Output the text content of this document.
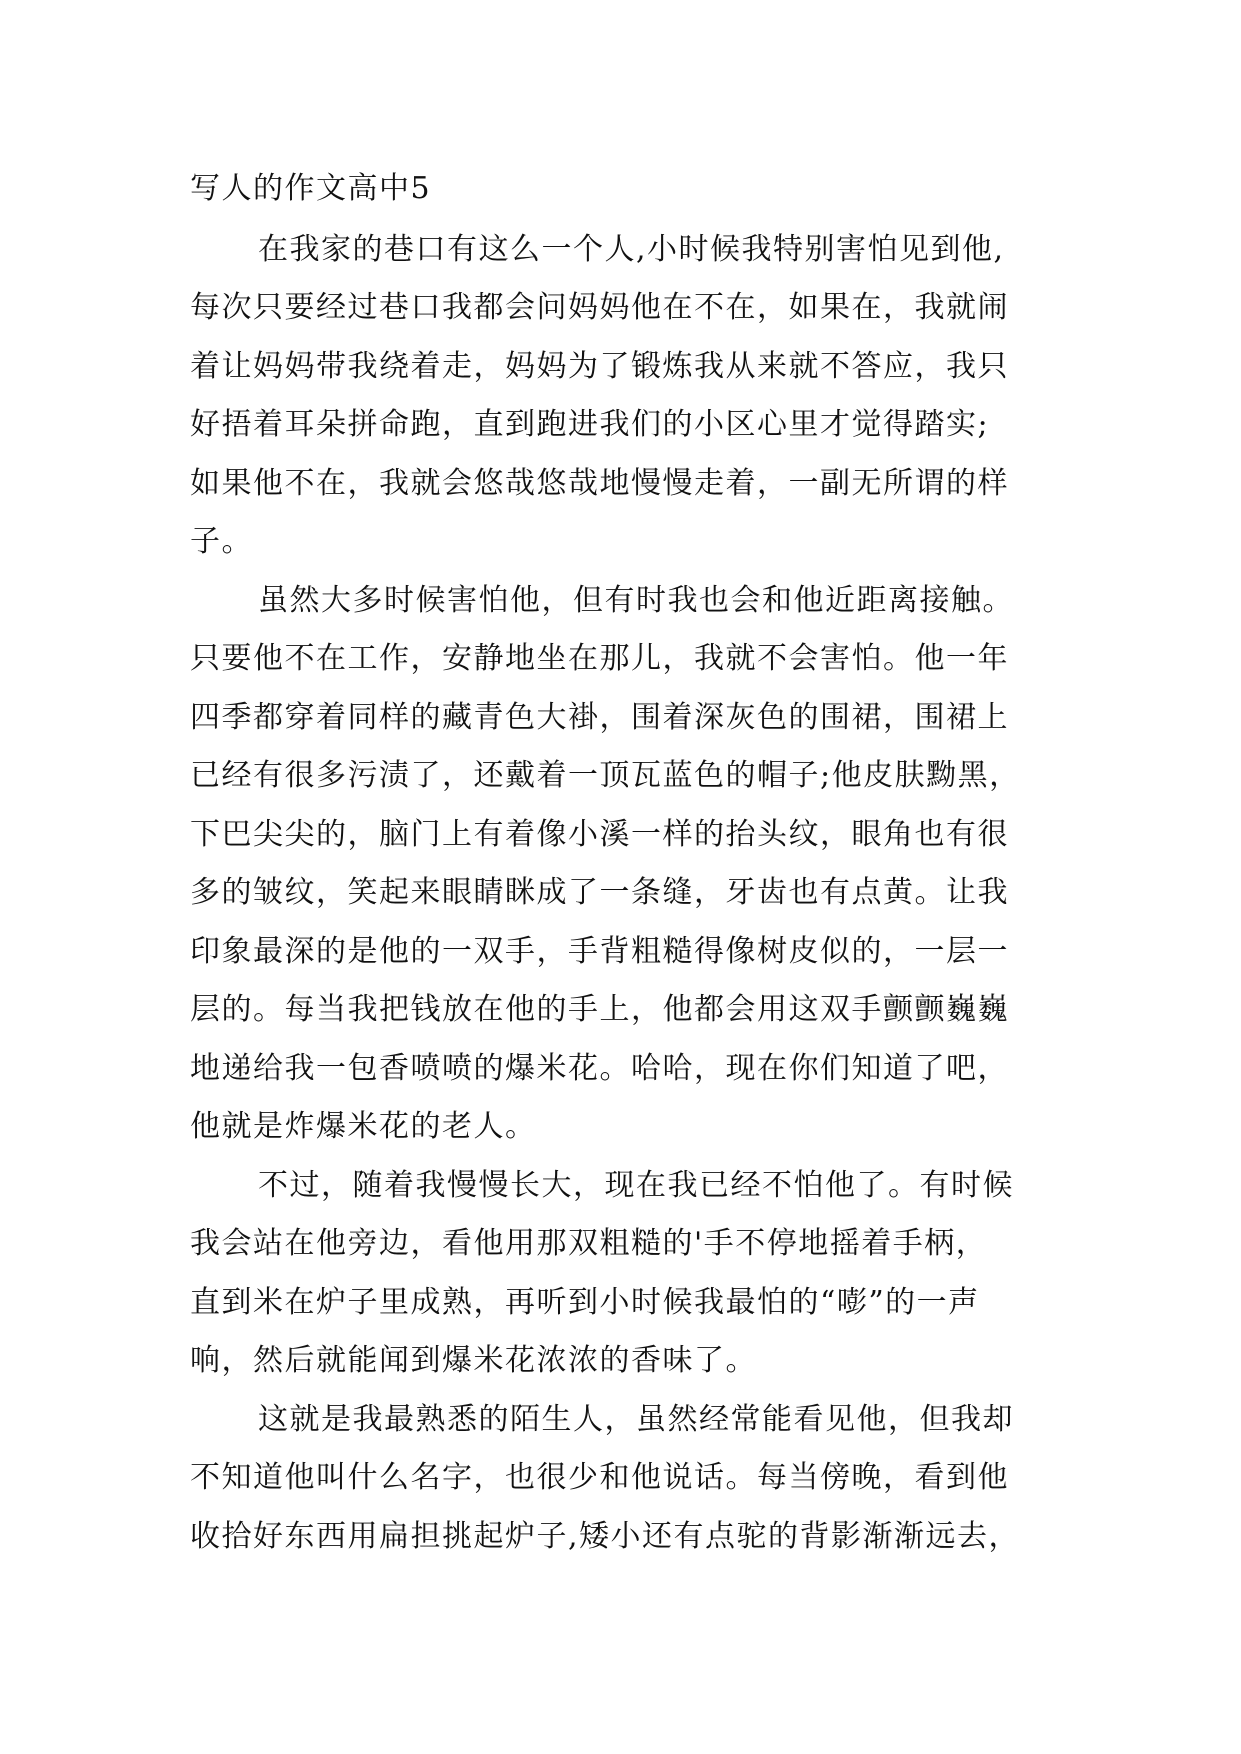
写人的作文高中5
在我家的巷口有这么一个人,小时候我特别害怕见到他,
每次只要经过巷口我都会问妈妈他在不在，如果在，我就闹
着让妈妈带我绕着走，妈妈为了锻炼我从来就不答应，我只
好捂着耳朵拼命跑，直到跑进我们的小区心里才觉得踏实;
如果他不在，我就会悠哉悠哉地慢慢走着，一副无所谓的样
子。
虽然大多时候害怕他，但有时我也会和他近距离接触。
只要他不在工作，安静地坐在那儿，我就不会害怕。他一年
四季都穿着同样的藏青色大褂，围着深灰色的围裙，围裙上
已经有很多污渍了，还戴着一顶瓦蓝色的帽子;他皮肤黝黑，
下巴尖尖的，脑门上有着像小溪一样的抬头纹，眼角也有很
多的皱纹，笑起来眼睛眯成了一条缝，牙齿也有点黄。让我
印象最深的是他的一双手，手背粗糙得像树皮似的，一层一
层的。每当我把钱放在他的手上，他都会用这双手颤颤巍巍
地递给我一包香喷喷的爆米花。哈哈，现在你们知道了吧，
他就是炸爆米花的老人。
不过，随着我慢慢长大，现在我已经不怕他了。有时候
我会站在他旁边，看他用那双粗糙的'手不停地摇着手柄，
直到米在炉子里成熟，再听到小时候我最怕的“嘭”的一声
响，然后就能闻到爆米花浓浓的香味了。
这就是我最熟悉的陌生人，虽然经常能看见他，但我却
不知道他叫什么名字，也很少和他说话。每当傍晚，看到他
收拾好东西用扁担挑起炉子,矮小还有点驼的背影渐渐远去，
